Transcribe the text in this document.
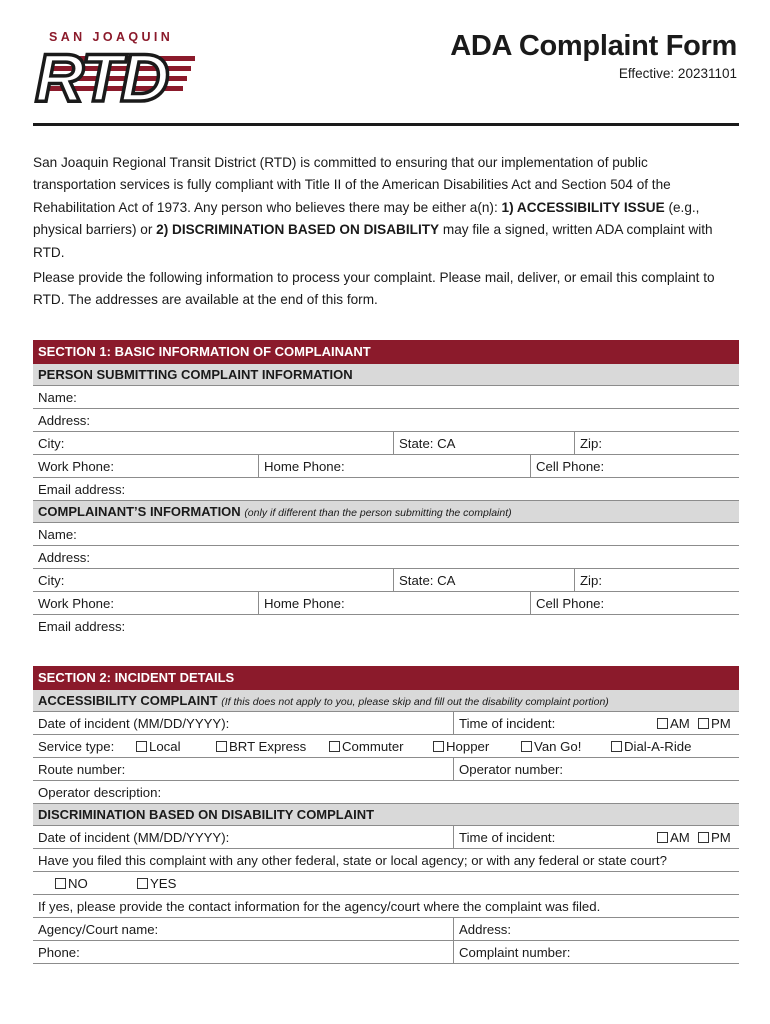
SAN JOAQUIN
RTD	ADA Complaint Form
Effective: 20231101

San Joaquin Regional Transit District (RTD) is committed to ensuring that our implementation of public transportation services is fully compliant with Title II of the American Disabilities Act and Section 504 of the Rehabilitation Act of 1973. Any person who believes there may be either a(n): 1) ACCESSIBILITY ISSUE (e.g., physical barriers) or 2) DISCRIMINATION BASED ON DISABILITY may file a signed, written ADA complaint with RTD.

Please provide the following information to process your complaint. Please mail, deliver, or email this complaint to RTD. The addresses are available at the end of this form.

SECTION 1: BASIC INFORMATION OF COMPLAINANT
PERSON SUBMITTING COMPLAINT INFORMATION
Name:
Address:
City:	State: CA	Zip:
Work Phone:	Home Phone:	Cell Phone:
Email address:
COMPLAINANT’S INFORMATION (only if different than the person submitting the complaint)
Name:
Address:
City:	State: CA	Zip:
Work Phone:	Home Phone:	Cell Phone:
Email address:
SECTION 2: INCIDENT DETAILS
ACCESSIBILITY COMPLAINT (If this does not apply to you, please skip and fill out the disability complaint portion)
Date of incident (MM/DD/YYYY):	Time of incident:	AM	PM
Service type:	Local	BRT Express	Commuter	Hopper	Van Go!	Dial-A-Ride
Route number:	Operator number:
Operator description:
DISCRIMINATION BASED ON DISABILITY COMPLAINT
Date of incident (MM/DD/YYYY):	Time of incident:	AM	PM
Have you filed this complaint with any other federal, state or local agency; or with any federal or state court?
NO	YES
If yes, please provide the contact information for the agency/court where the complaint was filed.
Agency/Court name:	Address:
Phone:	Complaint number:
